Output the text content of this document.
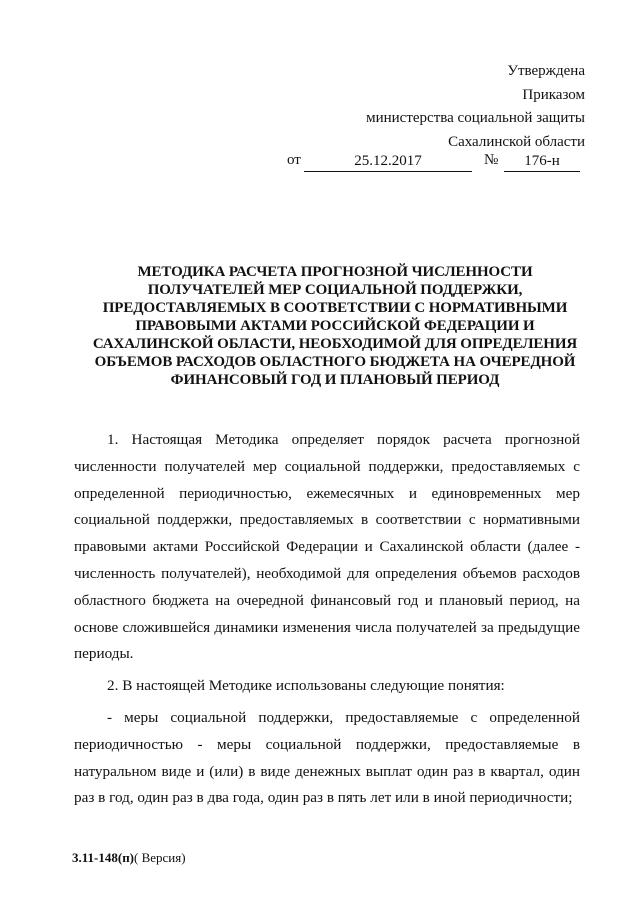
Утверждена
Приказом
министерства социальной защиты
Сахалинской области
от	25.12.2017	№	176-н
МЕТОДИКА РАСЧЕТА ПРОГНОЗНОЙ ЧИСЛЕННОСТИ ПОЛУЧАТЕЛЕЙ МЕР СОЦИАЛЬНОЙ ПОДДЕРЖКИ, ПРЕДОСТАВЛЯЕМЫХ В СООТВЕТСТВИИ С НОРМАТИВНЫМИ ПРАВОВЫМИ АКТАМИ РОССИЙСКОЙ ФЕДЕРАЦИИ И САХАЛИНСКОЙ ОБЛАСТИ, НЕОБХОДИМОЙ ДЛЯ ОПРЕДЕЛЕНИЯ ОБЪЕМОВ РАСХОДОВ ОБЛАСТНОГО БЮДЖЕТА НА ОЧЕРЕДНОЙ ФИНАНСОВЫЙ ГОД И ПЛАНОВЫЙ ПЕРИОД

1. Настоящая Методика определяет порядок расчета прогнозной численности получателей мер социальной поддержки, предоставляемых с определенной периодичностью, ежемесячных и единовременных мер социальной поддержки, предоставляемых в соответствии с нормативными правовыми актами Российской Федерации и Сахалинской области (далее - численность получателей), необходимой для определения объемов расходов областного бюджета на очередной финансовый год и плановый период, на основе сложившейся динамики изменения числа получателей за предыдущие периоды.

2. В настоящей Методике использованы следующие понятия:

- меры социальной поддержки, предоставляемые с определенной периодичностью - меры социальной поддержки, предоставляемые в натуральном виде и (или) в виде денежных выплат один раз в квартал, один раз в год, один раз в два года, один раз в пять лет или в иной периодичности;

3.11-148(п)( Версия)
